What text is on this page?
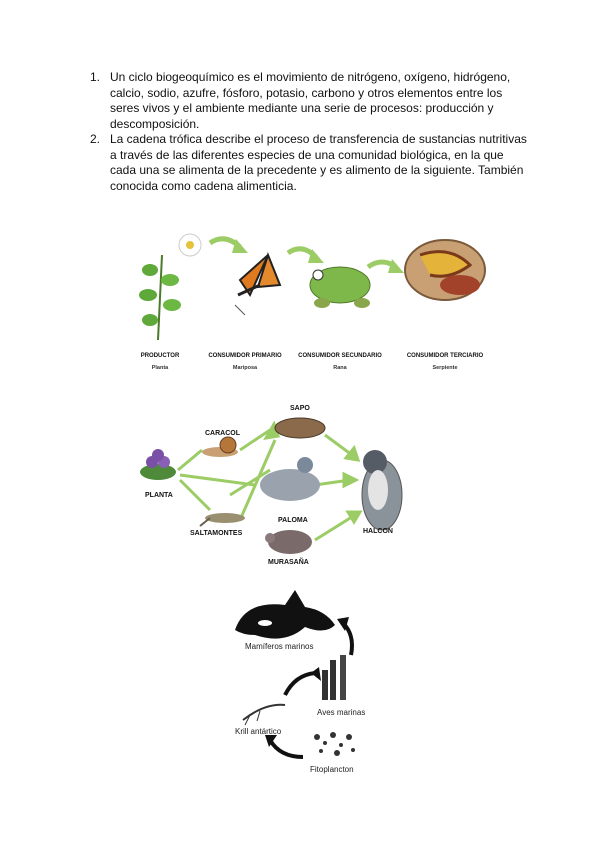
1. Un ciclo biogeoquímico es el movimiento de nitrógeno, oxígeno, hidrógeno, calcio, sodio, azufre, fósforo, potasio, carbono y otros elementos entre los seres vivos y el ambiente mediante una serie de procesos: producción y descomposición.
2. La cadena trófica describe el proceso de transferencia de sustancias nutritivas a través de las diferentes especies de una comunidad biológica, en la que cada una se alimenta de la precedente y es alimento de la siguiente. También conocida como cadena alimenticia.
PRODUCTOR
Planta
CONSUMIDOR PRIMARIO
Mariposa
CONSUMIDOR SECUNDARIO
Rana
CONSUMIDOR TERCIARIO
Serpiente
SAPO
CARACOL
PLANTA
PALOMA
SALTAMONTES	HALCON
MURASAÑA
Mamíferos marinos
Aves marinas
Krill antártico
Fitoplancton
